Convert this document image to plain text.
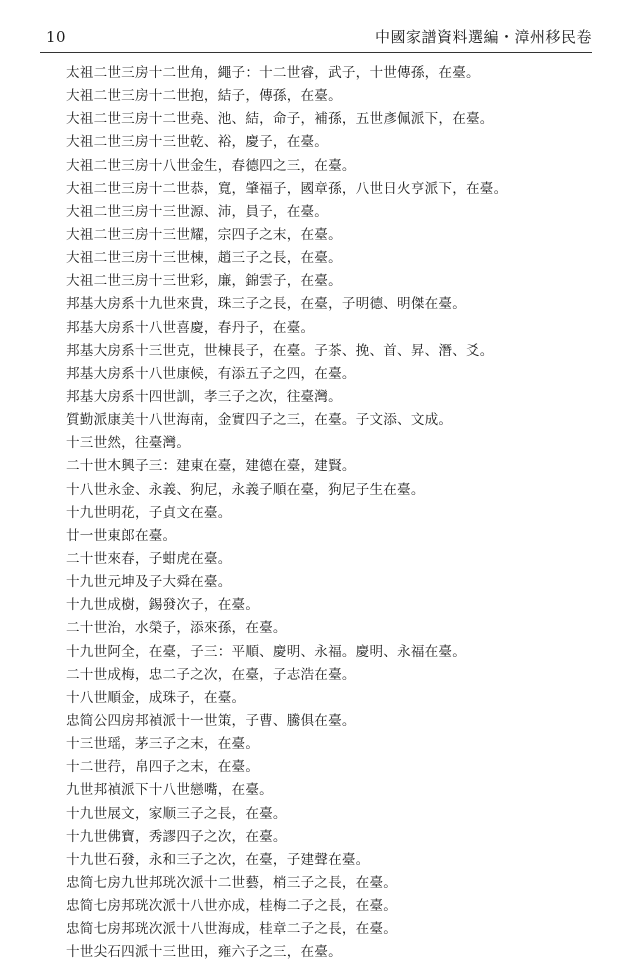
10	中國家譜資料選編・漳州移民卷
太祖二世三房十二世角，繩子：十二世睿，武子，十世傳孫，在臺。
大祖二世三房十二世抱，結子，傳孫，在臺。
大祖二世三房十二世堯、池、結，命子，補孫，五世彥佩派下，在臺。
大祖二世三房十三世乾、裕，慶子，在臺。
大祖二世三房十八世金生，春德四之三，在臺。
大祖二世三房十二世恭，寬，肇福子，國章孫，八世日火亨派下，在臺。
大祖二世三房十三世源、沛，員子，在臺。
大祖二世三房十三世耀，宗四子之末，在臺。
大祖二世三房十三世棟，趙三子之長，在臺。
大祖二世三房十三世彩，廉，錦雲子，在臺。
邦基大房系十九世來貴，珠三子之長，在臺，子明德、明傑在臺。
邦基大房系十八世喜慶，春丹子，在臺。
邦基大房系十三世克，世棟長子，在臺。子茶、挽、首、昇、潛、爻。
邦基大房系十八世康候，有添五子之四，在臺。
邦基大房系十四世訓，孝三子之次，往臺灣。
質勤派康美十八世海南，金實四子之三，在臺。子文添、文成。
十三世然，往臺灣。
二十世木興子三：建東在臺，建德在臺，建賢。
十八世永金、永義、狗尼，永義子順在臺，狗尼子生在臺。
十九世明花，子貞文在臺。
廿一世東郎在臺。
二十世來春，子蚶虎在臺。
十九世元坤及子大舜在臺。
十九世成樹，錫發次子，在臺。
二十世治，水榮子，添來孫，在臺。
十九世阿全，在臺，子三：平順、慶明、永福。慶明、永福在臺。
二十世成梅，忠二子之次，在臺，子志浩在臺。
十八世順金，成珠子，在臺。
忠简公四房邦禎派十一世策，子曹、騰俱在臺。
十三世瑶，茅三子之末，在臺。
十二世荇，帛四子之末，在臺。
九世邦禎派下十八世戀嘴，在臺。
十九世展文，家顺三子之長，在臺。
十九世佛寶，秀謬四子之次，在臺。
十九世石發，永和三子之次，在臺，子建聲在臺。
忠简七房九世邦珖次派十二世藝，梢三子之長，在臺。
忠简七房邦珖次派十八世亦成，桂梅二子之長，在臺。
忠简七房邦珖次派十八世海成，桂章二子之長，在臺。
十世尖石四派十三世田，雍六子之三，在臺。
